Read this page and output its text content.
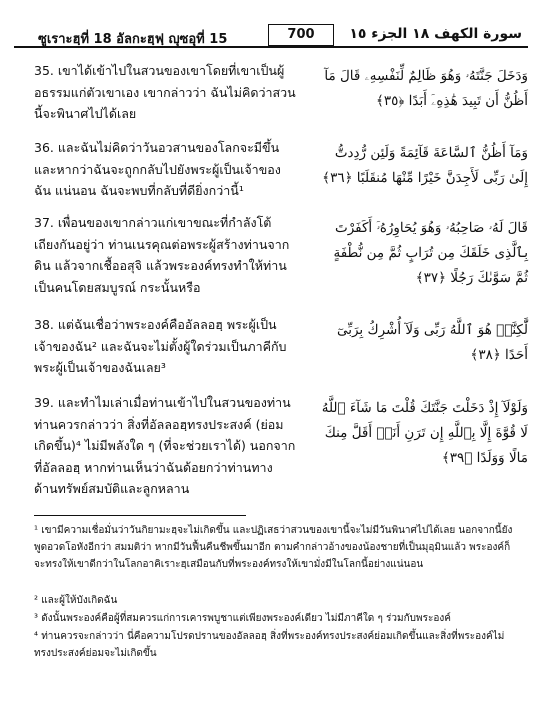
ซูเราะฮฺที่ 18 อัลกะฮฺฟฺ ญุซอุที่ 15	700	سورة الكهف ١٨ الجزء ١٥
35. เขาได้เข้าไปในสวนของเขาโดยที่เขาเป็นผู้อธรรมแก่ตัวเขาเอง เขากล่าวว่า ฉันไม่คิดว่าสวนนี้จะพินาศไปได้เลย
وَدَخَلَ جَنَّتَهُۥ وَهُوَ ظَالِمٌ لِّنَفْسِهِۦ قَالَ مَآ أَظُنُّ أَن تَبِيدَ هَٰذِهِۦٓ أَبَدًا ﴿٣٥﴾
36. และฉันไม่คิดว่าวันอวสานของโลกจะมีขึ้น และหากว่าฉันจะถูกกลับไปยังพระผู้เป็นเจ้าของฉัน แน่นอน ฉันจะพบที่กลับที่ดียิ่งกว่านี้¹
وَمَآ أَظُنُّ ٱلسَّاعَةَ قَآئِمَةً وَلَئِن رُّدِدتُّ إِلَىٰ رَبِّى لَأَجِدَنَّ خَيْرًا مِّنْهَا مُنقَلَبًا ﴿٣٦﴾
37. เพื่อนของเขากล่าวแก่เขาขณะที่กำลังโต้เถียงกันอยู่ว่า ท่านเนรคุณต่อพระผู้สร้างท่านจากดิน แล้วจากเชื้ออสุจิ แล้วพระองค์ทรงทำให้ท่านเป็นคนโดยสมบูรณ์ กระนั้นหรือ
قَالَ لَهُۥ صَاحِبُهُۥ وَهُوَ يُحَاوِرُهُۥٓ أَكَفَرْتَ بِٱلَّذِى خَلَقَكَ مِن تُرَابٍ ثُمَّ مِن نُّطْفَةٍ ثُمَّ سَوَّىٰكَ رَجُلًا ﴿٣٧﴾
38. แต่ฉันเชื่อว่าพระองค์คืออัลลอฮฺ พระผู้เป็นเจ้าของฉัน² และฉันจะไม่ตั้งผู้ใดร่วมเป็นภาคีกับพระผู้เป็นเจ้าของฉันเลย³
لَّٰكِنَّا۠ هُوَ ٱللَّهُ رَبِّى وَلَآ أُشْرِكُ بِرَبِّىٓ أَحَدًا ﴿٣٨﴾
39. และทำไมเล่าเมื่อท่านเข้าไปในสวนของท่าน ท่านควรกล่าวว่า สิ่งที่อัลลอฮฺทรงประสงค์ (ย่อมเกิดขึ้น)⁴ ไม่มีพลังใด ๆ (ที่จะช่วยเราได้) นอกจากที่อัลลอฮฺ หากท่านเห็นว่าฉันด้อยกว่าท่านทางด้านทรัพย์สมบัติและลูกหลาน
وَلَوْلَآ إِذْ دَخَلْتَ جَنَّتَكَ قُلْتَ مَا شَآءَ ٱللَّهُ لَا قُوَّةَ إِلَّا بِٱللَّهِ إِن تَرَنِ أَنَا۠ أَقَلَّ مِنكَ مَالًا وَوَلَدًا ﴿٣٩﴾
¹ เขามีความเชื่อมั่นว่าวันกิยามะฮฺจะไม่เกิดขึ้น และปฏิเสธว่าสวนของเขานี้จะไม่มีวันพินาศไปได้เลย นอกจากนี้ยังพูดอวดโอหังอีกว่า สมมติว่า หากมีวันฟื้นคืนชีพขึ้นมาอีก ตามคำกล่าวอ้างของน้องชายที่เป็นมุอฺมินแล้ว พระองค์ก็จะทรงให้เขาดีกว่าในโลกอาคิเราะฮฺเสมือนกับที่พระองค์ทรงให้เขามั่งมีในโลกนี้อย่างแน่นอน
² และผู้ให้บังเกิดฉัน
³ ดังนั้นพระองค์คือผู้ที่สมควรแก่การเคารพบูชาแต่เพียงพระองค์เดียว ไม่มีภาคีใด ๆ ร่วมกับพระองค์
⁴ ท่านควรจะกล่าวว่า นี่คือความโปรดปรานของอัลลอฮฺ สิ่งที่พระองค์ทรงประสงค์ย่อมเกิดขึ้นและสิ่งที่พระองค์ไม่ทรงประสงค์ย่อมจะไม่เกิดขึ้น
